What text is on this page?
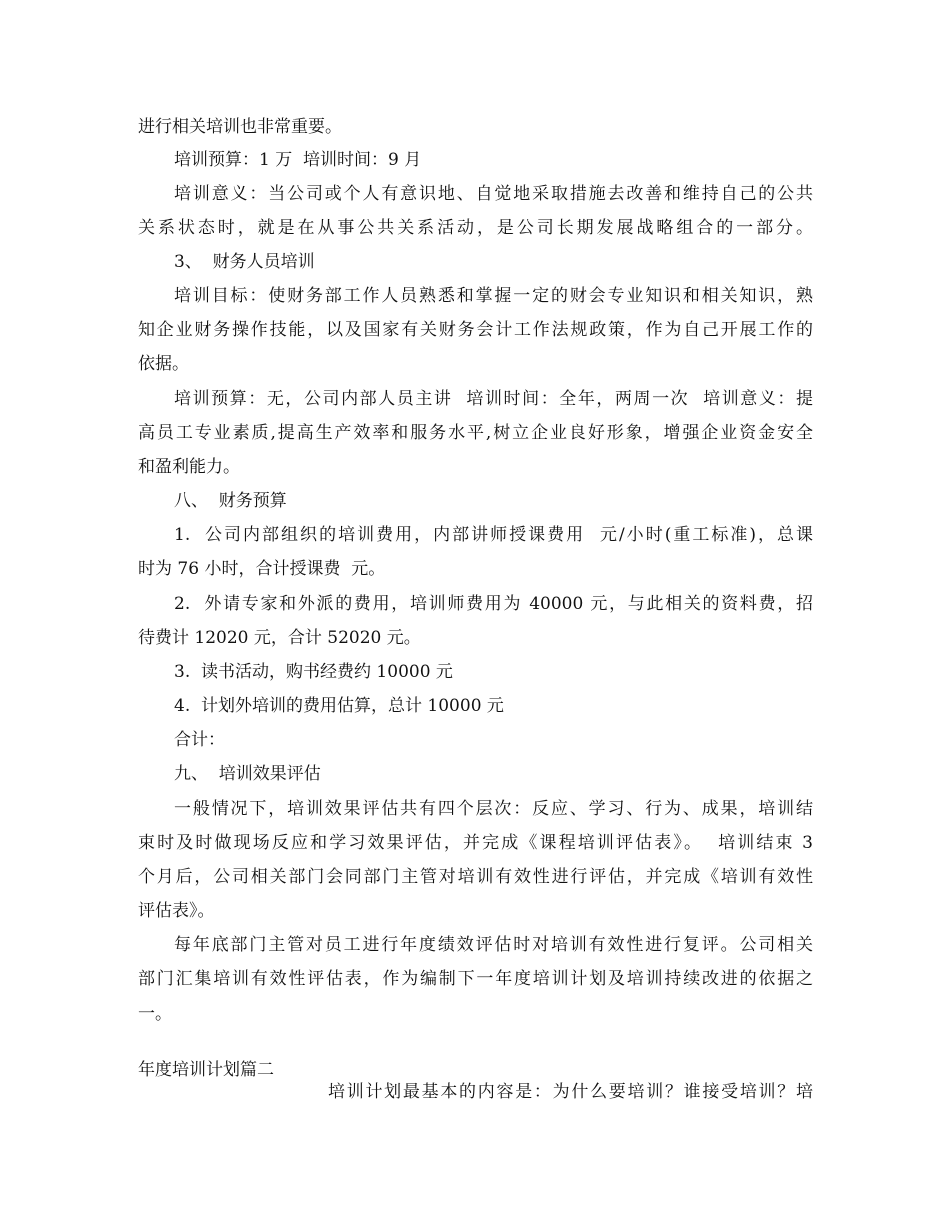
进行相关培训也非常重要。
培训预算：1 万  培训时间：9 月
培训意义：当公司或个人有意识地、自觉地采取措施去改善和维持自己的公共
关系状态时，就是在从事公共关系活动，是公司长期发展战略组合的一部分。
3、  财务人员培训
培训目标：使财务部工作人员熟悉和掌握一定的财会专业知识和相关知识，熟
知企业财务操作技能，以及国家有关财务会计工作法规政策，作为自己开展工作的
依据。
培训预算：无，公司内部人员主讲  培训时间：全年，两周一次  培训意义：提
高员工专业素质,提高生产效率和服务水平,树立企业良好形象，增强企业资金安全
和盈利能力。
八、  财务预算
1.  公司内部组织的培训费用，内部讲师授课费用  元/小时(重工标准)，总课
时为 76 小时，合计授课费  元。
2.  外请专家和外派的费用，培训师费用为 40000 元，与此相关的资料费，招
待费计 12020 元，合计 52020 元。
3.  读书活动，购书经费约 10000 元
4.  计划外培训的费用估算，总计 10000 元
合计：
九、  培训效果评估
一般情况下，培训效果评估共有四个层次：反应、学习、行为、成果，培训结
束时及时做现场反应和学习效果评估，并完成《课程培训评估表》。  培训结束 3
个月后，公司相关部门会同部门主管对培训有效性进行评估，并完成《培训有效性
评估表》。
每年底部门主管对员工进行年度绩效评估时对培训有效性进行复评。公司相关
部门汇集培训有效性评估表，作为编制下一年度培训计划及培训持续改进的依据之
一。

年度培训计划篇二

培训计划最基本的内容是：为什么要培训？谁接受培训？培
